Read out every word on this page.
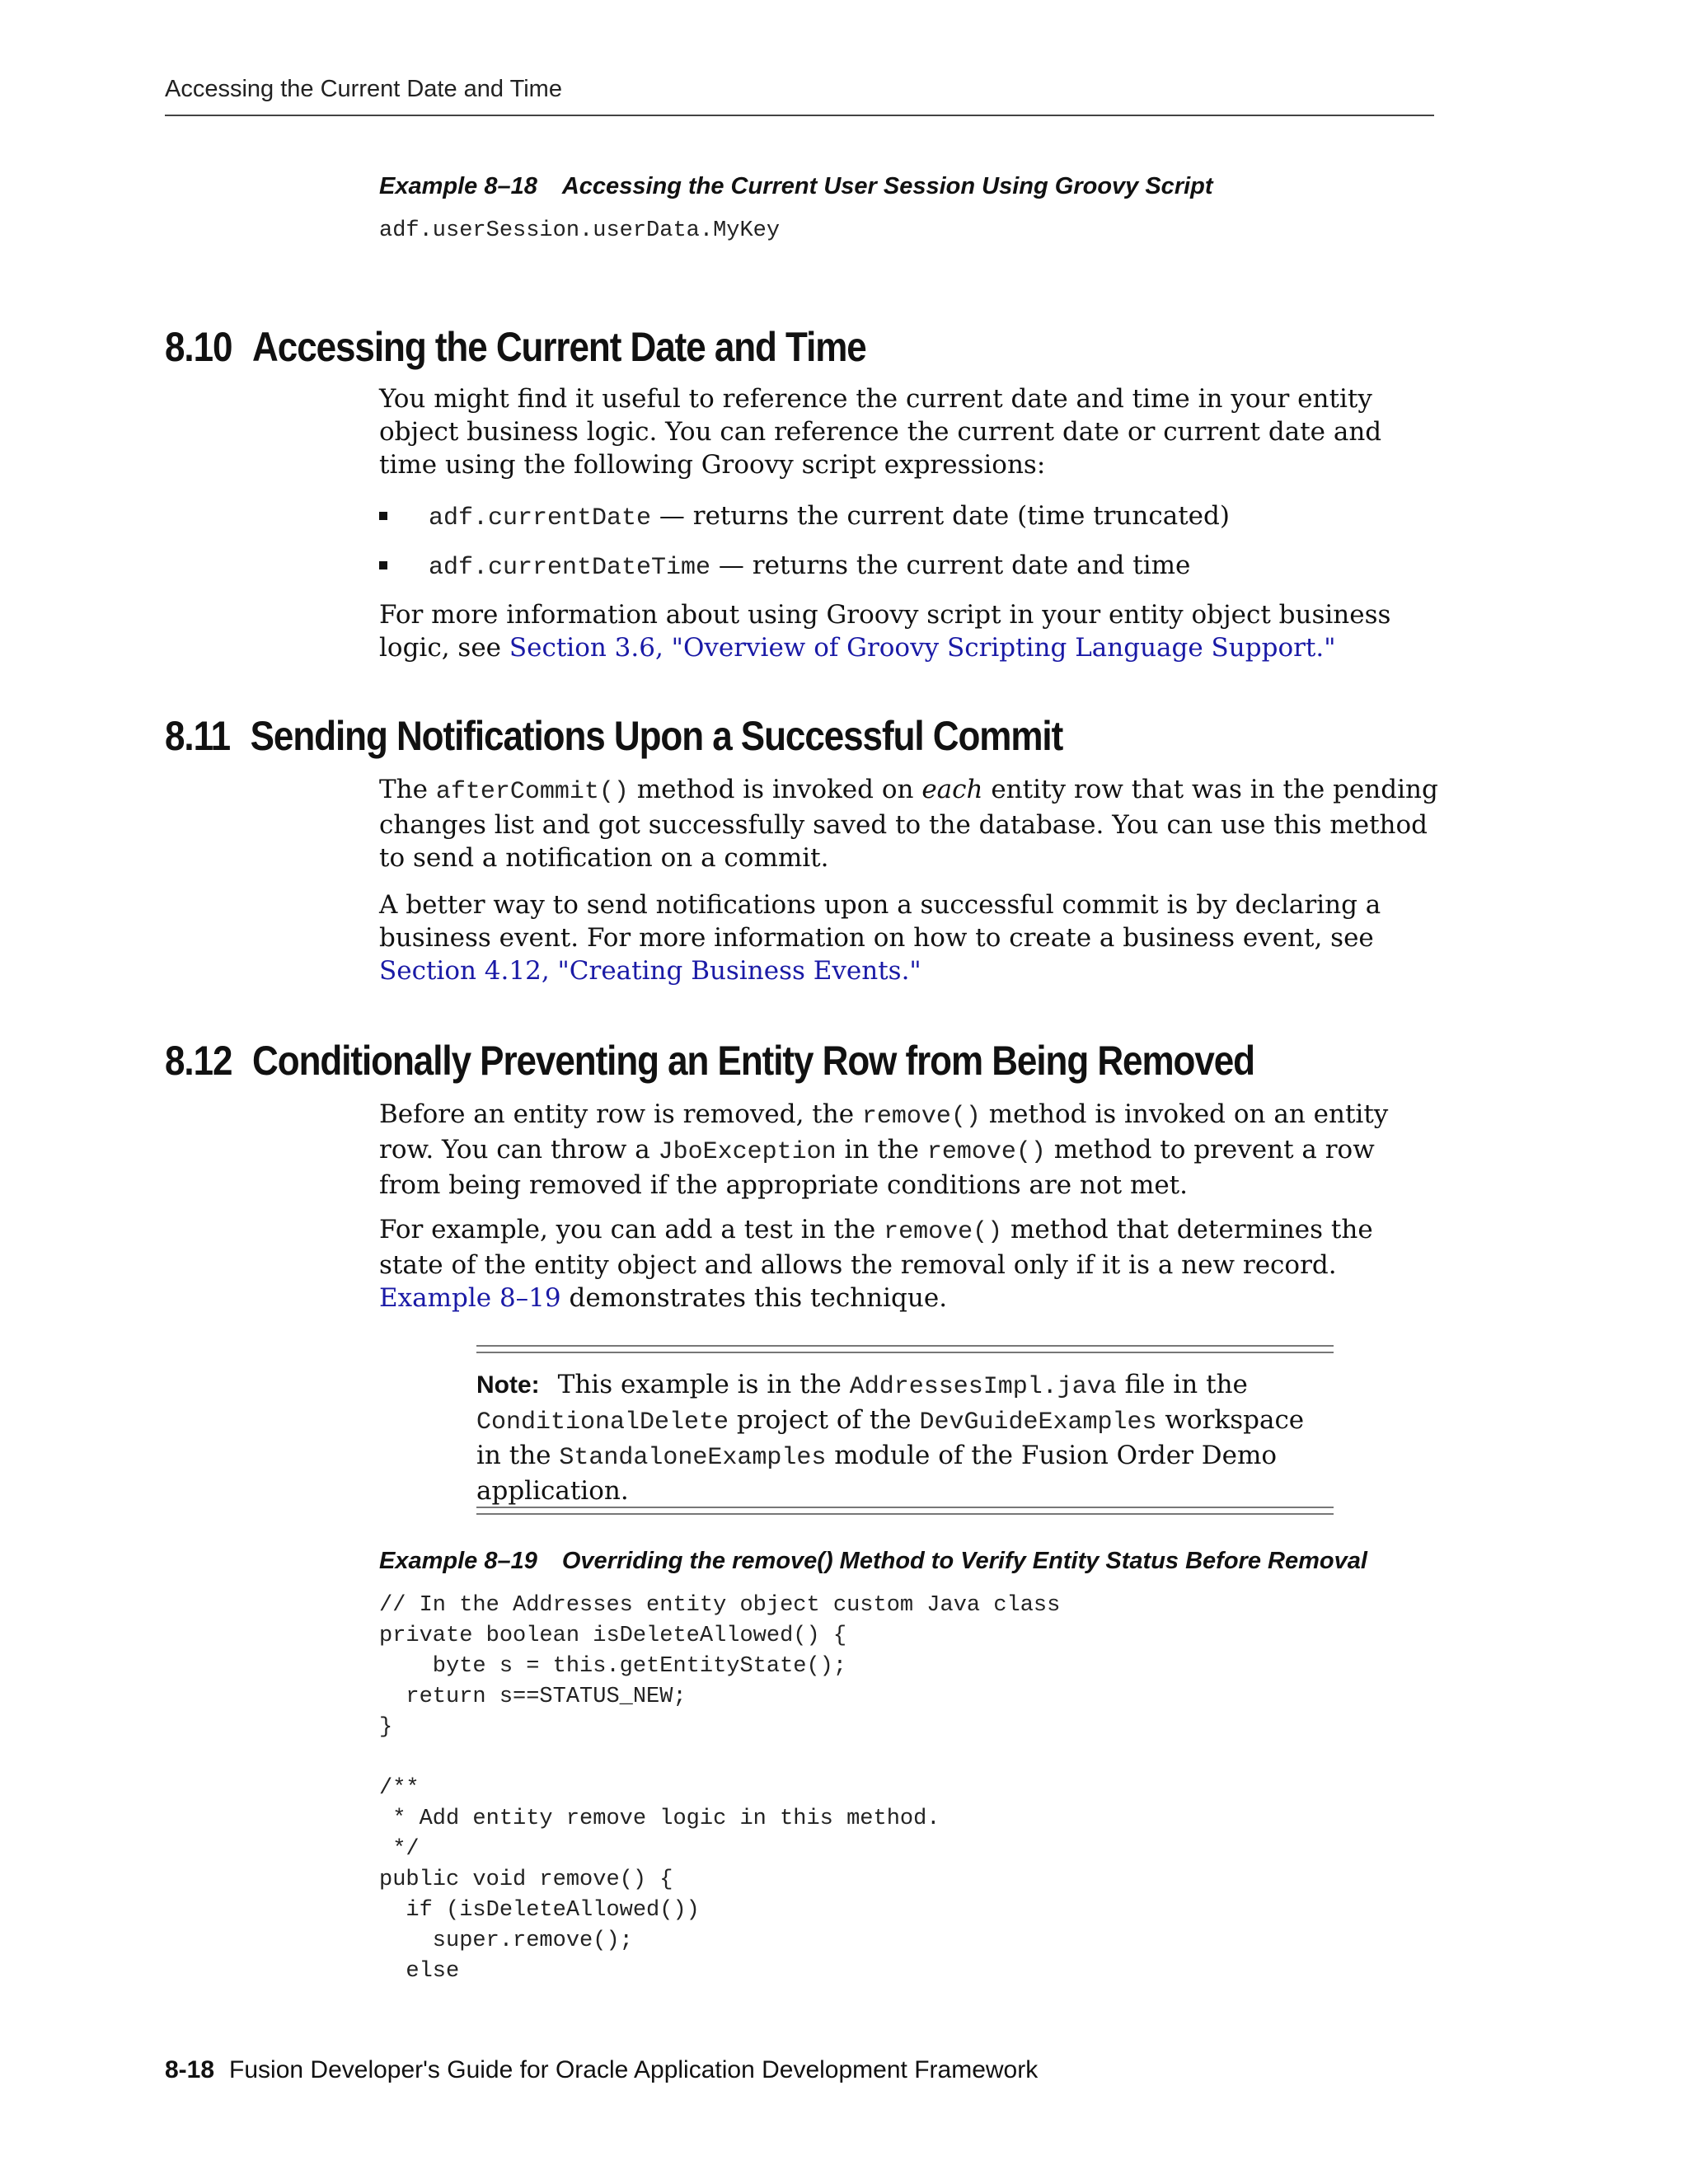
Accessing the Current Date and Time
Example 8–18 Accessing the Current User Session Using Groovy Script
adf.userSession.userData.MyKey
8.10 Accessing the Current Date and Time

You might find it useful to reference the current date and time in your entity object business logic. You can reference the current date or current date and time using the following Groovy script expressions:

adf.currentDate — returns the current date (time truncated)
adf.currentDateTime — returns the current date and time

For more information about using Groovy script in your entity object business logic, see Section 3.6, "Overview of Groovy Scripting Language Support."

8.11 Sending Notifications Upon a Successful Commit

The afterCommit() method is invoked on each entity row that was in the pending changes list and got successfully saved to the database. You can use this method to send a notification on a commit.

A better way to send notifications upon a successful commit is by declaring a business event. For more information on how to create a business event, see Section 4.12, "Creating Business Events."

8.12 Conditionally Preventing an Entity Row from Being Removed

Before an entity row is removed, the remove() method is invoked on an entity row. You can throw a JboException in the remove() method to prevent a row from being removed if the appropriate conditions are not met.

For example, you can add a test in the remove() method that determines the state of the entity object and allows the removal only if it is a new record. Example 8–19 demonstrates this technique.

Note: This example is in the AddressesImpl.java file in the ConditionalDelete project of the DevGuideExamples workspace in the StandaloneExamples module of the Fusion Order Demo application.

Example 8–19 Overriding the remove() Method to Verify Entity Status Before Removal
// In the Addresses entity object custom Java class
private boolean isDeleteAllowed() {
byte s = this.getEntityState();
return s==STATUS_NEW;
}

/**
* Add entity remove logic in this method.
*/
public void remove() {
if (isDeleteAllowed())
super.remove();
else
8-18 Fusion Developer's Guide for Oracle Application Development Framework
